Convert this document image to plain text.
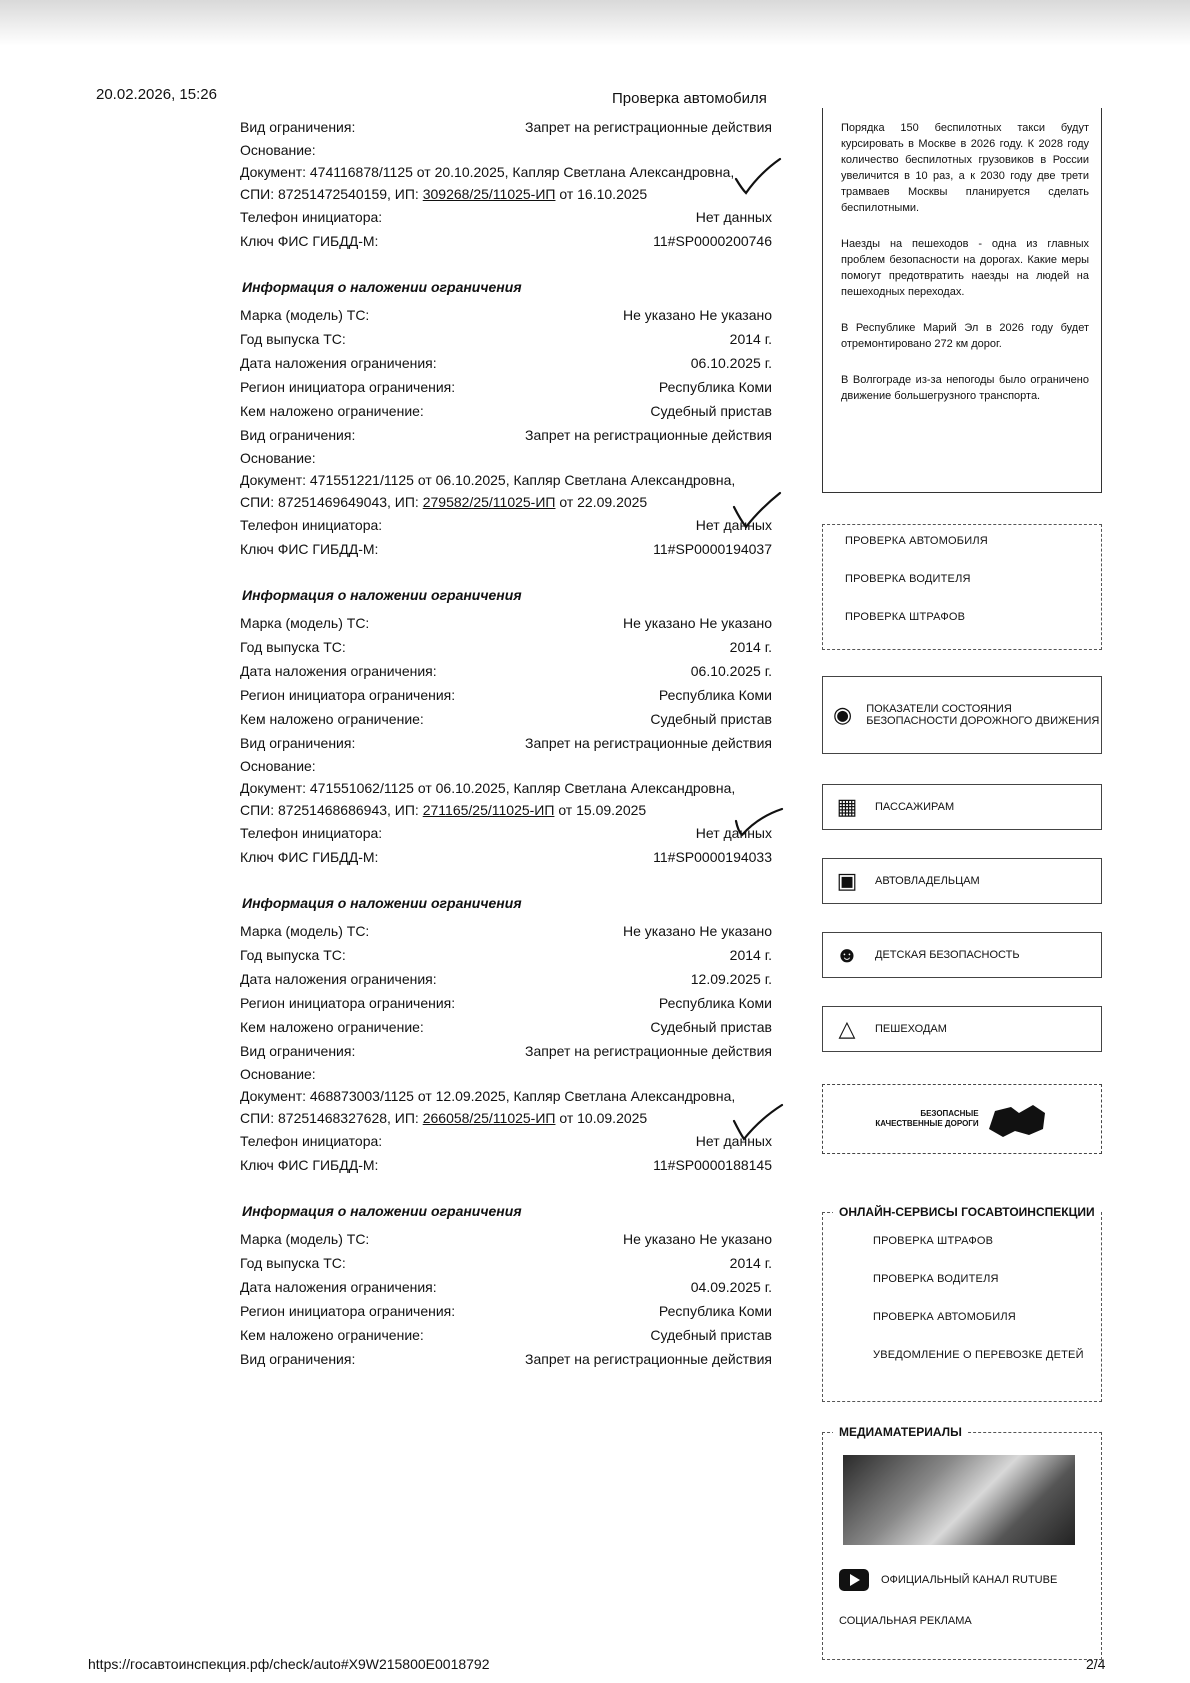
20.02.2026, 15:26	Проверка автомобиля
Вид ограничения:	Запрет на регистрационные действия
Основание:
Документ: 474116878/1125 от 20.10.2025, Капляр Светлана Александровна, СПИ: 87251472540159, ИП: 309268/25/11025-ИП от 16.10.2025
Телефон инициатора:	Нет данных
Ключ ФИС ГИБДД-М:	11#SP0000200746
Информация о наложении ограничения
Марка (модель) ТС:	Не указано Не указано
Год выпуска ТС:	2014 г.
Дата наложения ограничения:	06.10.2025 г.
Регион инициатора ограничения:	Республика Коми
Кем наложено ограничение:	Судебный пристав
Вид ограничения:	Запрет на регистрационные действия
Основание:
Документ: 471551221/1125 от 06.10.2025, Капляр Светлана Александровна, СПИ: 87251469649043, ИП: 279582/25/11025-ИП от 22.09.2025
Телефон инициатора:	Нет данных
Ключ ФИС ГИБДД-М:	11#SP0000194037
Информация о наложении ограничения
Марка (модель) ТС:	Не указано Не указано
Год выпуска ТС:	2014 г.
Дата наложения ограничения:	06.10.2025 г.
Регион инициатора ограничения:	Республика Коми
Кем наложено ограничение:	Судебный пристав
Вид ограничения:	Запрет на регистрационные действия
Основание:
Документ: 471551062/1125 от 06.10.2025, Капляр Светлана Александровна, СПИ: 87251468686943, ИП: 271165/25/11025-ИП от 15.09.2025
Телефон инициатора:	Нет данных
Ключ ФИС ГИБДД-М:	11#SP0000194033
Информация о наложении ограничения
Марка (модель) ТС:	Не указано Не указано
Год выпуска ТС:	2014 г.
Дата наложения ограничения:	12.09.2025 г.
Регион инициатора ограничения:	Республика Коми
Кем наложено ограничение:	Судебный пристав
Вид ограничения:	Запрет на регистрационные действия
Основание:
Документ: 468873003/1125 от 12.09.2025, Капляр Светлана Александровна, СПИ: 87251468327628, ИП: 266058/25/11025-ИП от 10.09.2025
Телефон инициатора:	Нет данных
Ключ ФИС ГИБДД-М:	11#SP0000188145
Информация о наложении ограничения
Марка (модель) ТС:	Не указано Не указано
Год выпуска ТС:	2014 г.
Дата наложения ограничения:	04.09.2025 г.
Регион инициатора ограничения:	Республика Коми
Кем наложено ограничение:	Судебный пристав
Вид ограничения:	Запрет на регистрационные действия

Порядка 150 беспилотных такси будут курсировать в Москве в 2026 году. К 2028 году количество беспилотных грузовиков в России увеличится в 10 раз, а к 2030 году две трети трамваев Москвы планируется сделать беспилотными.

Наезды на пешеходов - одна из главных проблем безопасности на дорогах. Какие меры помогут предотвратить наезды на людей на пешеходных переходах.

В Республике Марий Эл в 2026 году будет отремонтировано 272 км дорог.

В Волгограде из-за непогоды было ограничено движение большегрузного транспорта.

ПРОВЕРКА АВТОМОБИЛЯ
ПРОВЕРКА ВОДИТЕЛЯ
ПРОВЕРКА ШТРАФОВ
◉ ПОКАЗАТЕЛИ СОСТОЯНИЯ БЕЗОПАСНОСТИ ДОРОЖНОГО ДВИЖЕНИЯ
▦	ПАССАЖИРАМ
▣	АВТОВЛАДЕЛЬЦАМ
☻ ДЕТСКАЯ БЕЗОПАСНОСТЬ
△	ПЕШЕХОДАМ
БЕЗОПАСНЫЕ
КАЧЕСТВЕННЫЕ ДОРОГИ
ОНЛАЙН-СЕРВИСЫ ГОСАВТОИНСПЕКЦИИ
ПРОВЕРКА ШТРАФОВ
ПРОВЕРКА ВОДИТЕЛЯ
ПРОВЕРКА АВТОМОБИЛЯ
УВЕДОМЛЕНИЕ О ПЕРЕВОЗКЕ ДЕТЕЙ
МЕДИАМАТЕРИАЛЫ
ОФИЦИАЛЬНЫЙ КАНАЛ RUTUBE
СОЦИАЛЬНАЯ РЕКЛАМА
https://госавтоинспекция.рф/check/auto#X9W215800E0018792	2/4
